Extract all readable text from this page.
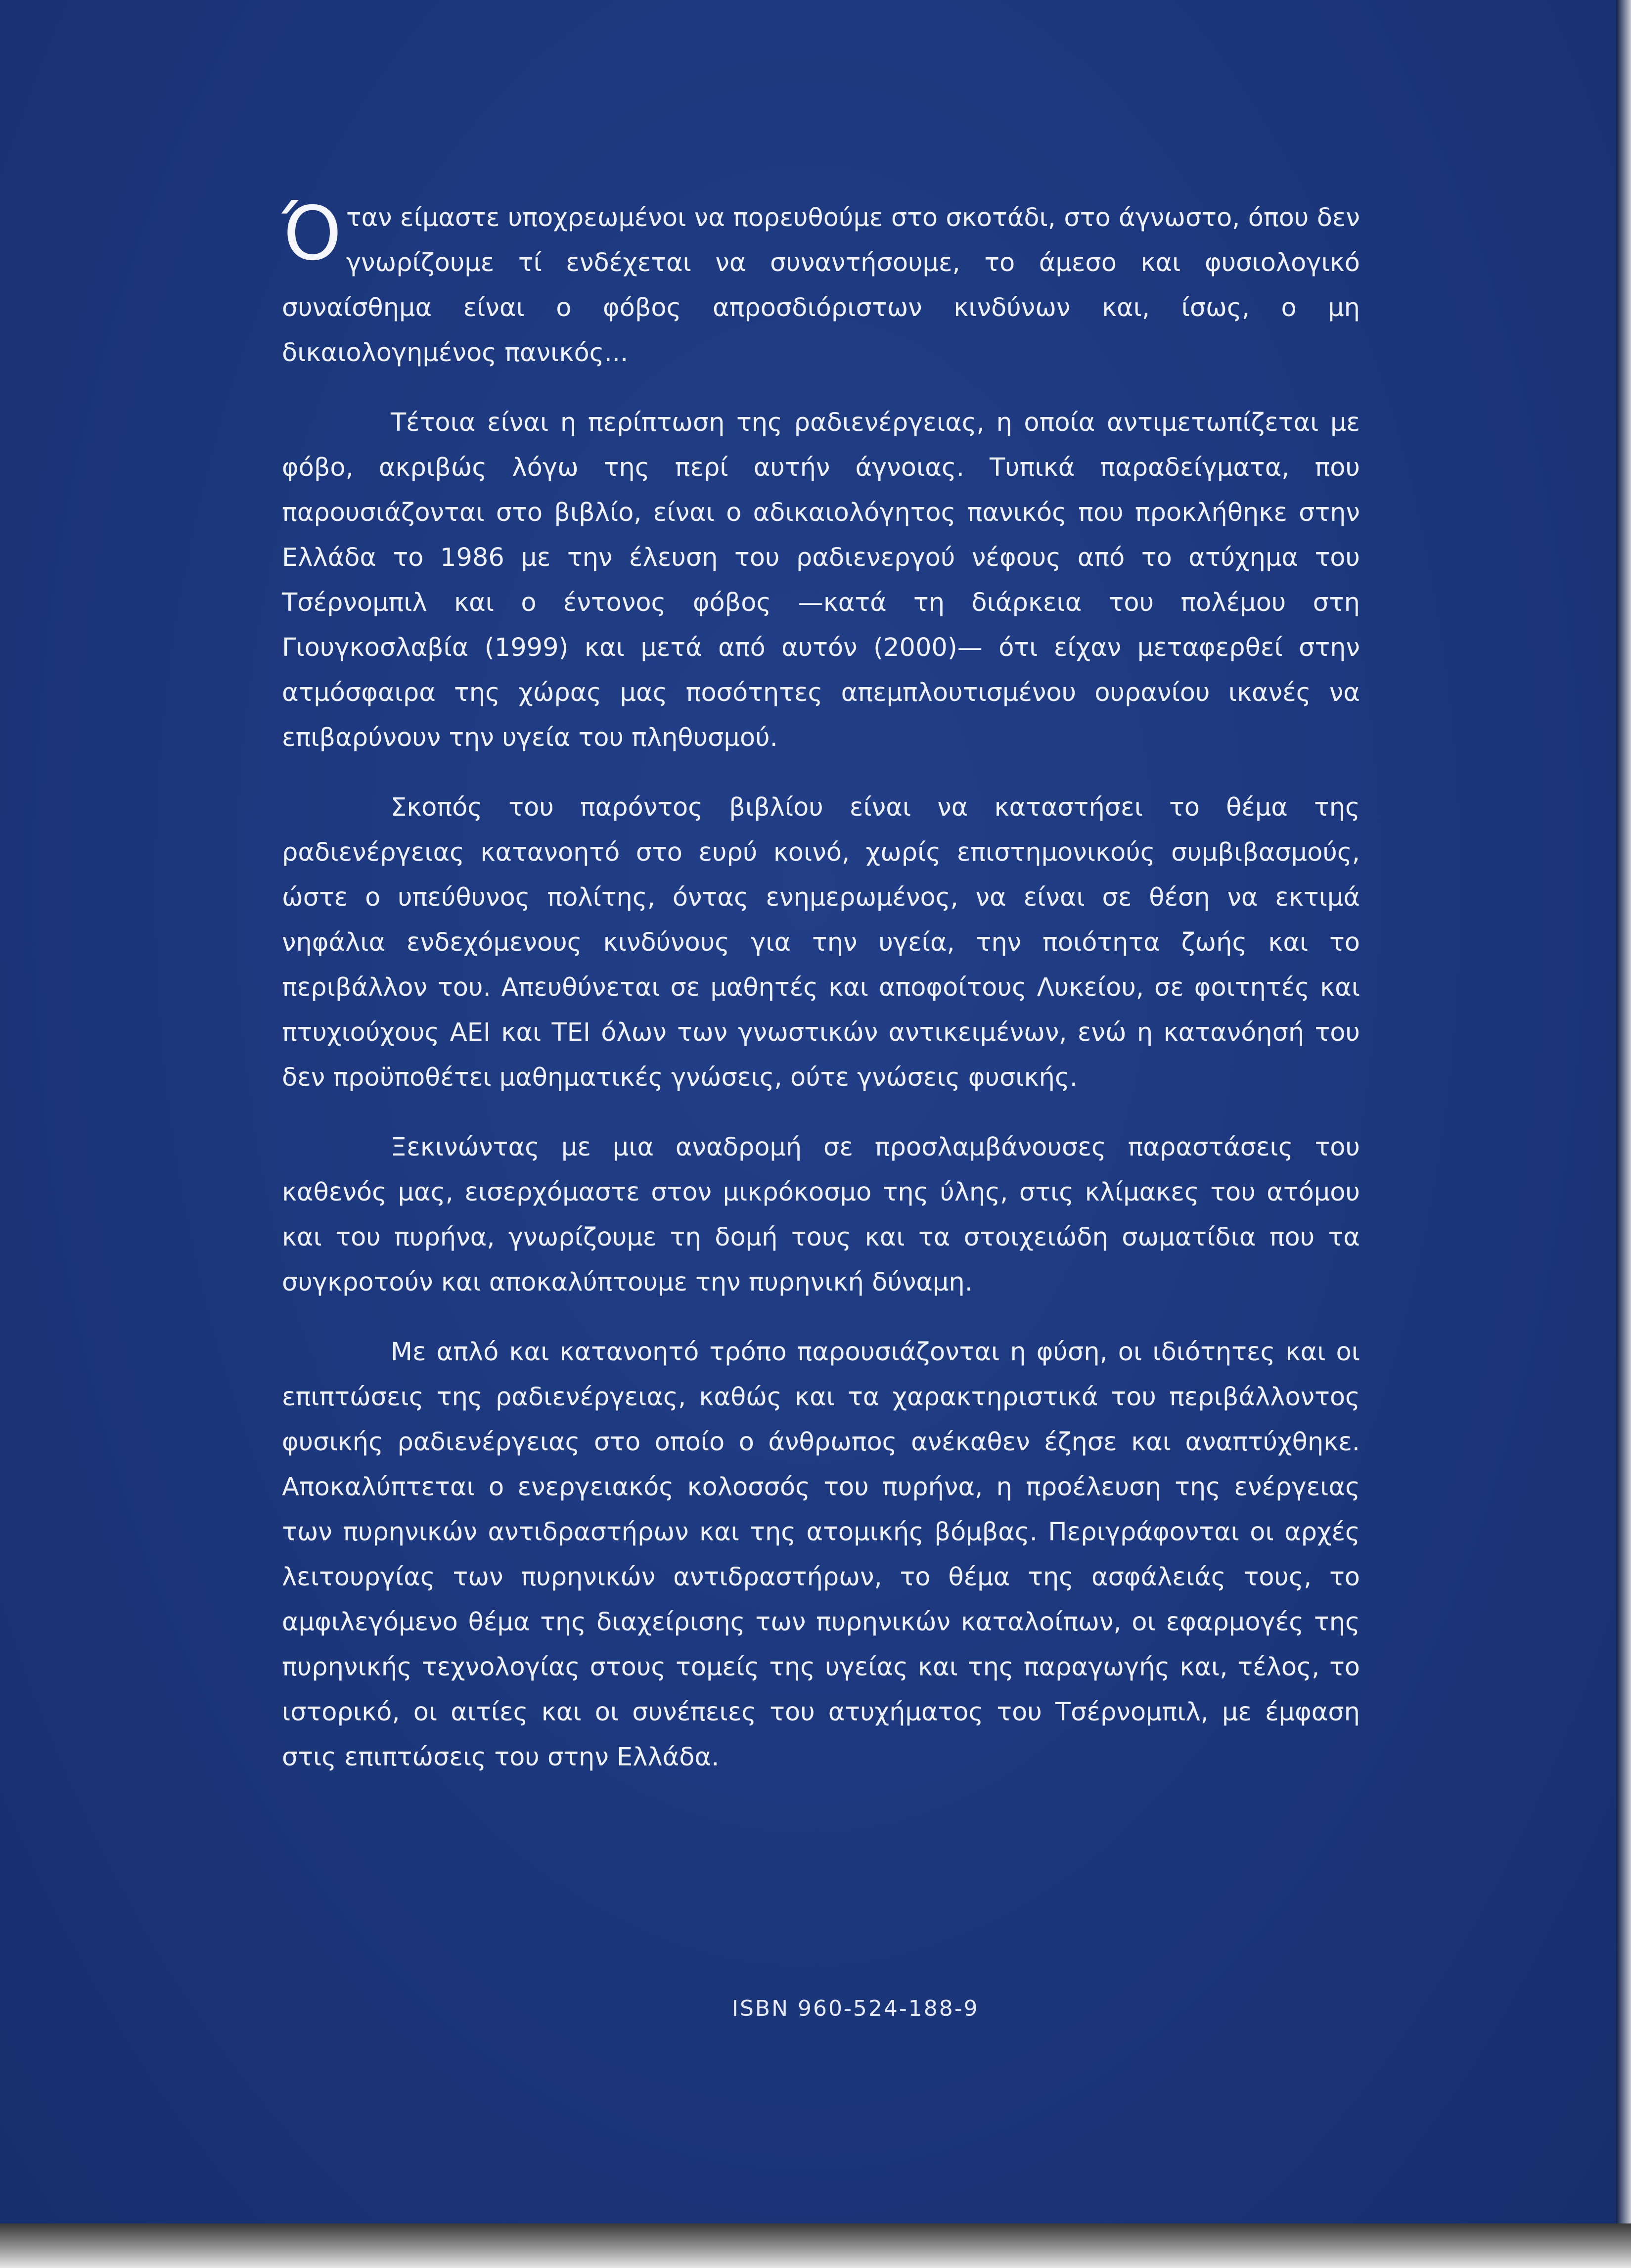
Όταν είμαστε υποχρεωμένοι να πορευθούμε στο σκοτάδι, στο άγνωστο, όπου δεν γνωρίζουμε τί ενδέχεται να συναντήσουμε, το άμεσο και φυσιολογικό συναίσθημα είναι ο φόβος απροσδιόριστων κινδύνων και, ίσως, ο μη δικαιολογημένος πανικός...

Τέτοια είναι η περίπτωση της ραδιενέργειας, η οποία αντιμετωπίζεται με φόβο, ακριβώς λόγω της περί αυτήν άγνοιας. Τυπικά παραδείγματα, που παρουσιάζονται στο βιβλίο, είναι ο αδικαιολόγητος πανικός που προκλήθηκε στην Ελλάδα το 1986 με την έλευση του ραδιενεργού νέφους από το ατύχημα του Τσέρνομπιλ και ο έντονος φόβος —κατά τη διάρκεια του πολέμου στη Γιουγκοσλαβία (1999) και μετά από αυτόν (2000)— ότι είχαν μεταφερθεί στην ατμόσφαιρα της χώρας μας ποσότητες απεμπλουτισμένου ουρανίου ικανές να επιβαρύνουν την υγεία του πληθυσμού.

Σκοπός του παρόντος βιβλίου είναι να καταστήσει το θέμα της ραδιενέργειας κατανοητό στο ευρύ κοινό, χωρίς επιστημονικούς συμβιβασμούς, ώστε ο υπεύθυνος πολίτης, όντας ενημερωμένος, να είναι σε θέση να εκτιμά νηφάλια ενδεχόμενους κινδύνους για την υγεία, την ποιότητα ζωής και το περιβάλλον του. Απευθύνεται σε μαθητές και αποφοίτους Λυκείου, σε φοιτητές και πτυχιούχους ΑΕΙ και ΤΕΙ όλων των γνωστικών αντικειμένων, ενώ η κατανόησή του δεν προϋποθέτει μαθηματικές γνώσεις, ούτε γνώσεις φυσικής.

Ξεκινώντας με μια αναδρομή σε προσλαμβάνουσες παραστάσεις του καθενός μας, εισερχόμαστε στον μικρόκοσμο της ύλης, στις κλίμακες του ατόμου και του πυρήνα, γνωρίζουμε τη δομή τους και τα στοιχειώδη σωματίδια που τα συγκροτούν και αποκαλύπτουμε την πυρηνική δύναμη.

Με απλό και κατανοητό τρόπο παρουσιάζονται η φύση, οι ιδιότητες και οι επιπτώσεις της ραδιενέργειας, καθώς και τα χαρακτηριστικά του περιβάλλοντος φυσικής ραδιενέργειας στο οποίο ο άνθρωπος ανέκαθεν έζησε και αναπτύχθηκε. Αποκαλύπτεται ο ενεργειακός κολοσσός του πυρήνα, η προέλευση της ενέργειας των πυρηνικών αντιδραστήρων και της ατομικής βόμβας. Περιγράφονται οι αρχές λειτουργίας των πυρηνικών αντιδραστήρων, το θέμα της ασφάλειάς τους, το αμφιλεγόμενο θέμα της διαχείρισης των πυρηνικών καταλοίπων, οι εφαρμογές της πυρηνικής τεχνολογίας στους τομείς της υγείας και της παραγωγής και, τέλος, το ιστορικό, οι αιτίες και οι συνέπειες του ατυχήματος του Τσέρνομπιλ, με έμφαση στις επιπτώσεις του στην Ελλάδα.

ISBN 960-524-188-9
